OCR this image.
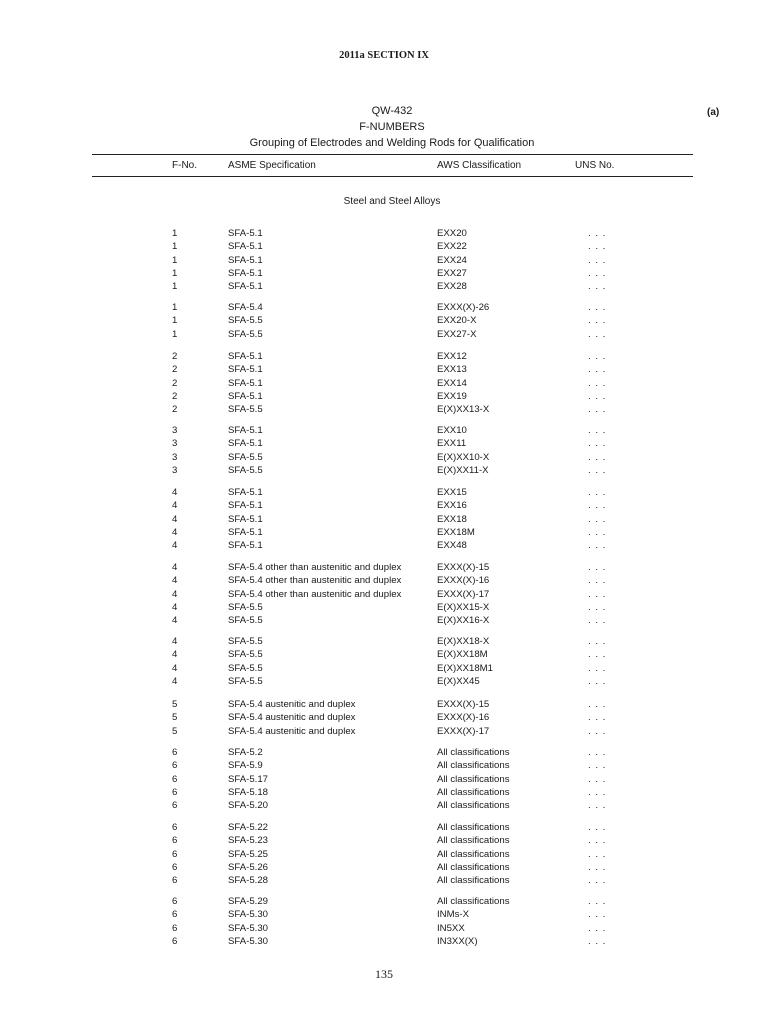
2011a SECTION IX
(a)
QW-432
F-NUMBERS
Grouping of Electrodes and Welding Rods for Qualification
F-No.	ASME Specification	AWS Classification	UNS No.
Steel and Steel Alloys
1	SFA-5.1	EXX20	. . .
1	SFA-5.1	EXX22	. . .
1	SFA-5.1	EXX24	. . .
1	SFA-5.1	EXX27	. . .
1	SFA-5.1	EXX28	. . .
1	SFA-5.4	EXXX(X)-26	. . .
1	SFA-5.5	EXX20-X	. . .
1	SFA-5.5	EXX27-X	. . .
2	SFA-5.1	EXX12	. . .
2	SFA-5.1	EXX13	. . .
2	SFA-5.1	EXX14	. . .
2	SFA-5.1	EXX19	. . .
2	SFA-5.5	E(X)XX13-X	. . .
3	SFA-5.1	EXX10	. . .
3	SFA-5.1	EXX11	. . .
3	SFA-5.5	E(X)XX10-X	. . .
3	SFA-5.5	E(X)XX11-X	. . .
4	SFA-5.1	EXX15	. . .
4	SFA-5.1	EXX16	. . .
4	SFA-5.1	EXX18	. . .
4	SFA-5.1	EXX18M	. . .
4	SFA-5.1	EXX48	. . .
4	SFA-5.4 other than austenitic and duplex	EXXX(X)-15	. . .
4	SFA-5.4 other than austenitic and duplex	EXXX(X)-16	. . .
4	SFA-5.4 other than austenitic and duplex	EXXX(X)-17	. . .
4	SFA-5.5	E(X)XX15-X	. . .
4	SFA-5.5	E(X)XX16-X	. . .
4	SFA-5.5	E(X)XX18-X	. . .
4	SFA-5.5	E(X)XX18M	. . .
4	SFA-5.5	E(X)XX18M1	. . .
4	SFA-5.5	E(X)XX45	. . .
5	SFA-5.4 austenitic and duplex	EXXX(X)-15	. . .
5	SFA-5.4 austenitic and duplex	EXXX(X)-16	. . .
5	SFA-5.4 austenitic and duplex	EXXX(X)-17	. . .
6	SFA-5.2	All classifications	. . .
6	SFA-5.9	All classifications	. . .
6	SFA-5.17	All classifications	. . .
6	SFA-5.18	All classifications	. . .
6	SFA-5.20	All classifications	. . .
6	SFA-5.22	All classifications	. . .
6	SFA-5.23	All classifications	. . .
6	SFA-5.25	All classifications	. . .
6	SFA-5.26	All classifications	. . .
6	SFA-5.28	All classifications	. . .
6	SFA-5.29	All classifications	. . .
6	SFA-5.30	INMs-X	. . .
6	SFA-5.30	IN5XX	. . .
6	SFA-5.30	IN3XX(X)	. . .
135
